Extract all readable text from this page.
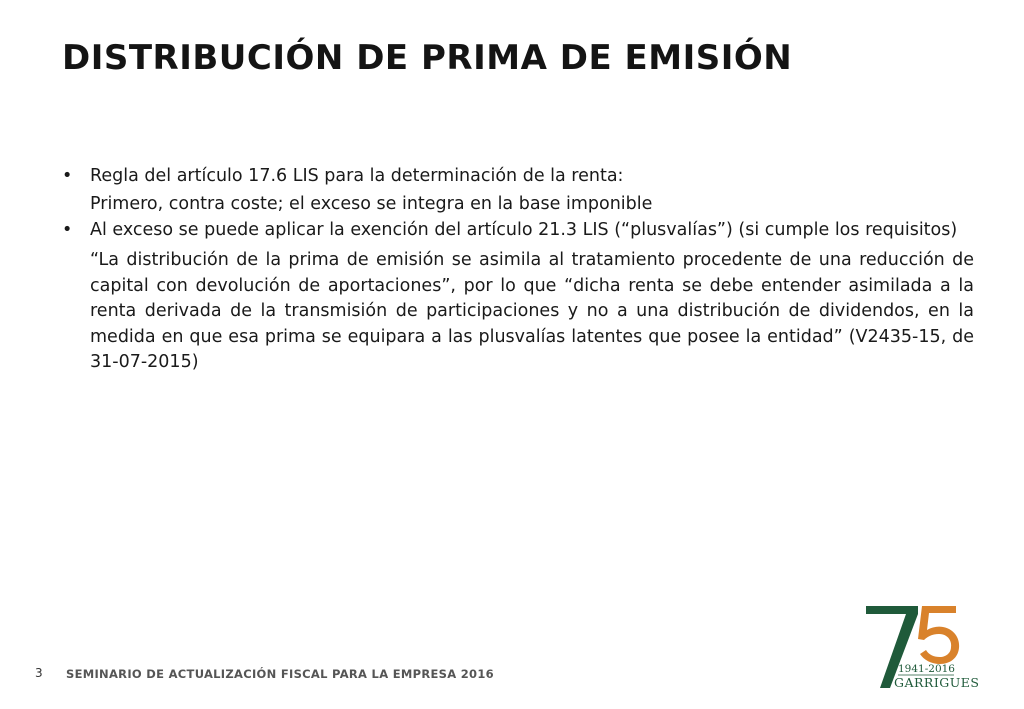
DISTRIBUCIÓN DE PRIMA DE EMISIÓN
•	Regla del artículo 17.6 LIS para la determinación de la renta:
Primero, contra coste; el exceso se integra en la base imponible
•	Al exceso se puede aplicar la exención del artículo 21.3 LIS (“plusvalías”) (si cumple los requisitos)
“La distribución de la prima de emisión se asimila al tratamiento procedente de una reducción de capital con devolución de aportaciones”, por lo que “dicha renta se debe entender asimilada a la renta derivada de la transmisión de participaciones y no a una distribución de dividendos, en la medida en que esa prima se equipara a las plusvalías latentes que posee la entidad” (V2435-15, de 31-07-2015)
3 SEMINARIO DE ACTUALIZACIÓN FISCAL PARA LA EMPRESA 2016	1941-2016
GARRIGUES
